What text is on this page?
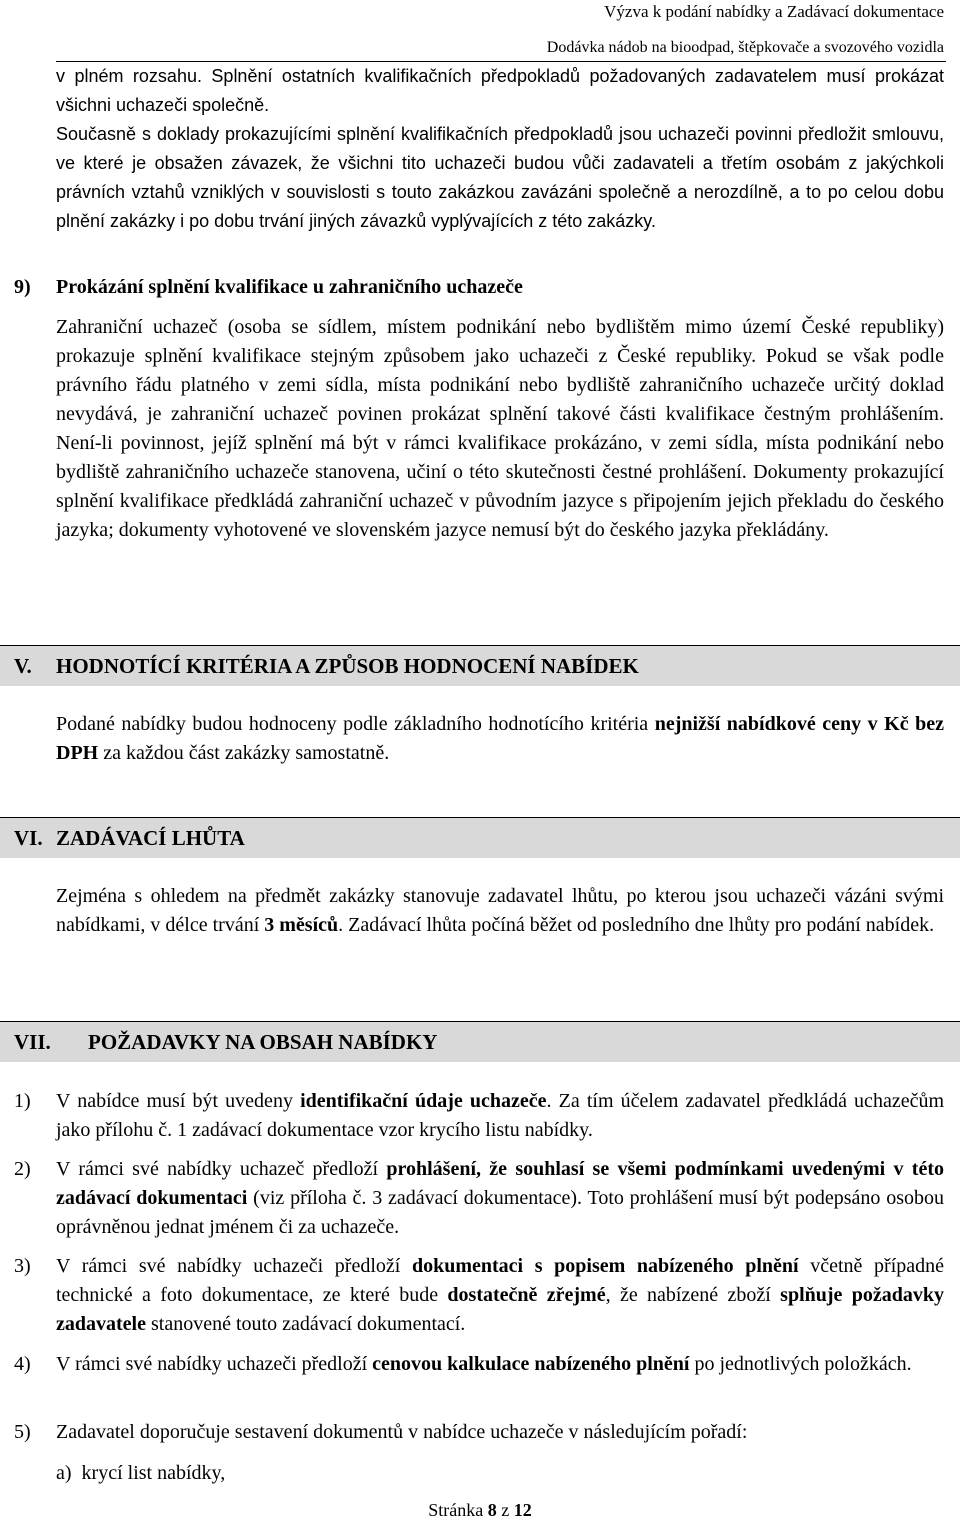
Výzva k podání nabídky a Zadávací dokumentace
Dodávka nádob na bioodpad, štěpkovače a svozového vozidla

v plném rozsahu. Splnění ostatních kvalifikačních předpokladů požadovaných zadavatelem musí prokázat všichni uchazeči společně.

Současně s doklady prokazujícími splnění kvalifikačních předpokladů jsou uchazeči povinni předložit smlouvu, ve které je obsažen závazek, že všichni tito uchazeči budou vůči zadavateli a třetím osobám z jakýchkoli právních vztahů vzniklých v souvislosti s touto zakázkou zavázáni společně a nerozdílně, a to po celou dobu plnění zakázky i po dobu trvání jiných závazků vyplývajících z této zakázky.

9) Prokázání splnění kvalifikace u zahraničního uchazeče

Zahraniční uchazeč (osoba se sídlem, místem podnikání nebo bydlištěm mimo území České republiky) prokazuje splnění kvalifikace stejným způsobem jako uchazeči z České republiky. Pokud se však podle právního řádu platného v zemi sídla, místa podnikání nebo bydliště zahraničního uchazeče určitý doklad nevydává, je zahraniční uchazeč povinen prokázat splnění takové části kvalifikace čestným prohlášením. Není-li povinnost, jejíž splnění má být v rámci kvalifikace prokázáno, v zemi sídla, místa podnikání nebo bydliště zahraničního uchazeče stanovena, učiní o této skutečnosti čestné prohlášení. Dokumenty prokazující splnění kvalifikace předkládá zahraniční uchazeč v původním jazyce s připojením jejich překladu do českého jazyka; dokumenty vyhotovené ve slovenském jazyce nemusí být do českého jazyka překládány.

V. HODNOTÍCÍ KRITÉRIA A ZPŮSOB HODNOCENÍ NABÍDEK

Podané nabídky budou hodnoceny podle základního hodnotícího kritéria nejnižší nabídkové ceny v Kč bez DPH za každou část zakázky samostatně.

VI. ZADÁVACÍ LHŮTA

Zejména s ohledem na předmět zakázky stanovuje zadavatel lhůtu, po kterou jsou uchazeči vázáni svými nabídkami, v délce trvání 3 měsíců. Zadávací lhůta počíná běžet od posledního dne lhůty pro podání nabídek.

VII. POŽADAVKY NA OBSAH NABÍDKY
1) V nabídce musí být uvedeny identifikační údaje uchazeče. Za tím účelem zadavatel předkládá uchazečům jako přílohu č. 1 zadávací dokumentace vzor krycího listu nabídky.

2) V rámci své nabídky uchazeč předloží prohlášení, že souhlasí se všemi podmínkami uvedenými v této zadávací dokumentaci (viz příloha č. 3 zadávací dokumentace). Toto prohlášení musí být podepsáno osobou oprávněnou jednat jménem či za uchazeče.

3) V rámci své nabídky uchazeči předloží dokumentaci s popisem nabízeného plnění včetně případné technické a foto dokumentace, ze které bude dostatečně zřejmé, že nabízené zboží splňuje požadavky zadavatele stanovené touto zadávací dokumentací.

4) V rámci své nabídky uchazeči předloží cenovou kalkulace nabízeného plnění po jednotlivých položkách.

5) Zadavatel doporučuje sestavení dokumentů v nabídce uchazeče v následujícím pořadí:

a)  krycí list nabídky,
Stránka 8 z 12
